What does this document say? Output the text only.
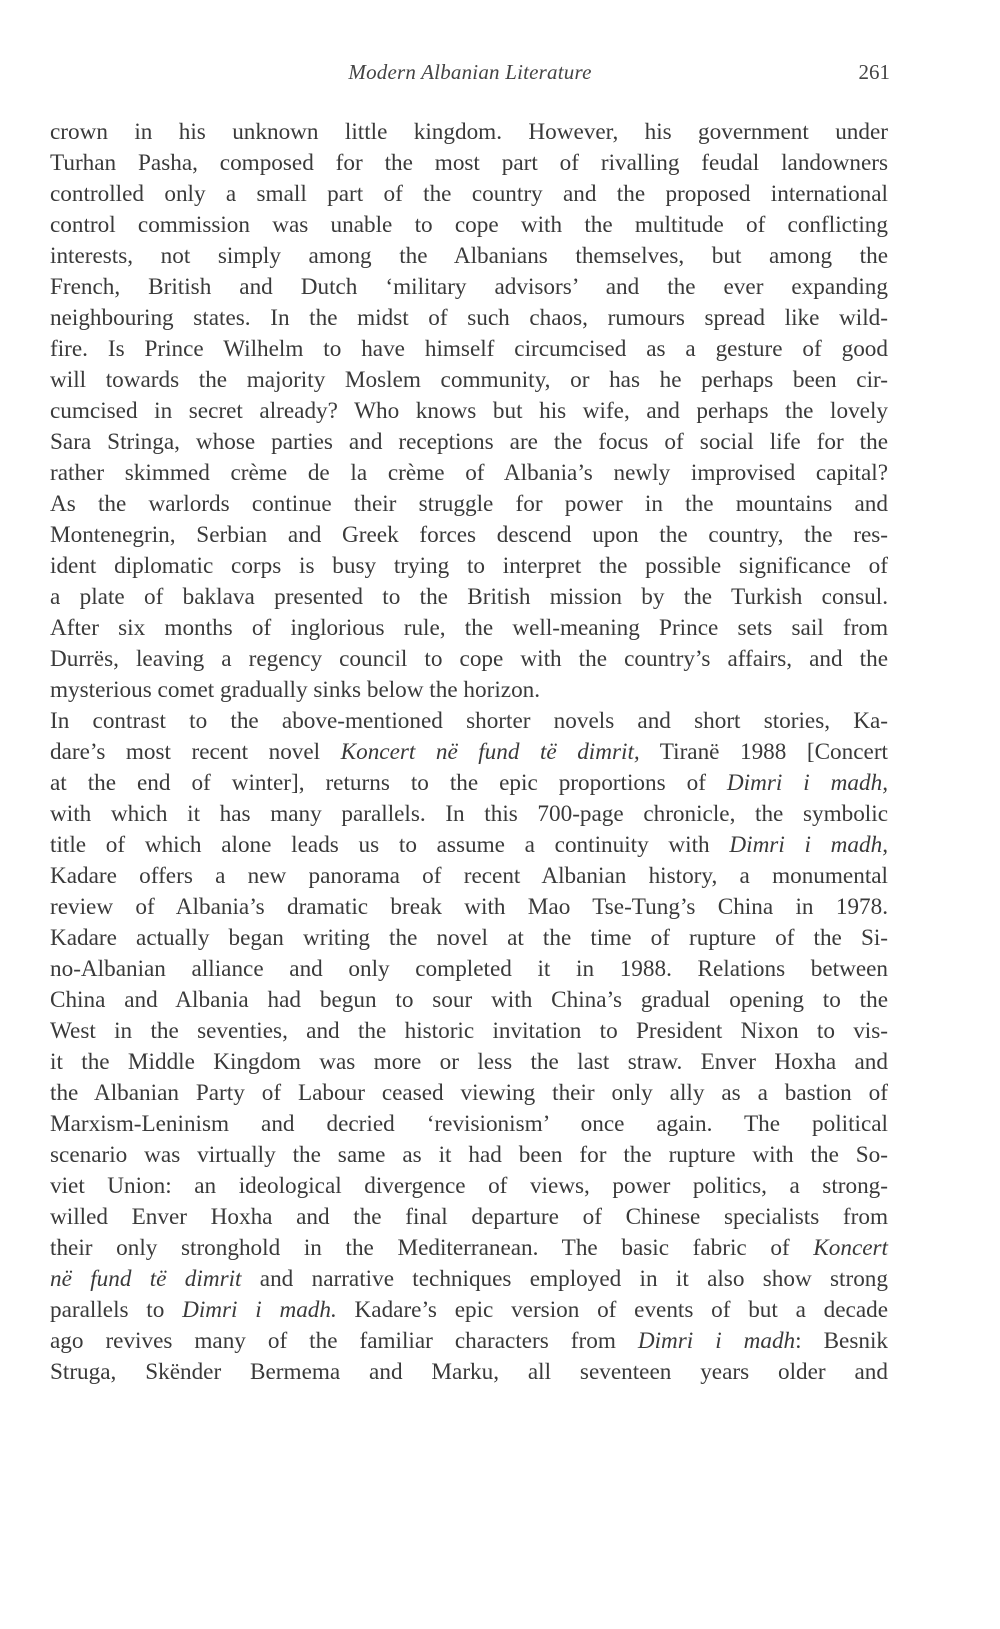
Modern Albanian Literature	261
crown in his unknown little kingdom. However, his government under
Turhan Pasha, composed for the most part of rivalling feudal landowners
controlled only a small part of the country and the proposed international
control commission was unable to cope with the multitude of conflicting
interests, not simply among the Albanians themselves, but among the
French, British and Dutch ‘military advisors’ and the ever expanding
neighbouring states. In the midst of such chaos, rumours spread like wild-
fire. Is Prince Wilhelm to have himself circumcised as a gesture of good
will towards the majority Moslem community, or has he perhaps been cir-
cumcised in secret already? Who knows but his wife, and perhaps the lovely
Sara Stringa, whose parties and receptions are the focus of social life for the
rather skimmed crème de la crème of Albania’s newly improvised capital?
As the warlords continue their struggle for power in the mountains and
Montenegrin, Serbian and Greek forces descend upon the country, the res-
ident diplomatic corps is busy trying to interpret the possible significance of
a plate of baklava presented to the British mission by the Turkish consul.
After six months of inglorious rule, the well-meaning Prince sets sail from
Durrës, leaving a regency council to cope with the country’s affairs, and the
mysterious comet gradually sinks below the horizon.
In contrast to the above-mentioned shorter novels and short stories, Ka-
dare’s most recent novel Koncert në fund të dimrit, Tiranë 1988 [Concert
at the end of winter], returns to the epic proportions of Dimri i madh,
with which it has many parallels. In this 700-page chronicle, the symbolic
title of which alone leads us to assume a continuity with Dimri i madh,
Kadare offers a new panorama of recent Albanian history, a monumental
review of Albania’s dramatic break with Mao Tse-Tung’s China in 1978.
Kadare actually began writing the novel at the time of rupture of the Si-
no-Albanian alliance and only completed it in 1988. Relations between
China and Albania had begun to sour with China’s gradual opening to the
West in the seventies, and the historic invitation to President Nixon to vis-
it the Middle Kingdom was more or less the last straw. Enver Hoxha and
the Albanian Party of Labour ceased viewing their only ally as a bastion of
Marxism-Leninism and decried ‘revisionism’ once again. The political
scenario was virtually the same as it had been for the rupture with the So-
viet Union: an ideological divergence of views, power politics, a strong-
willed Enver Hoxha and the final departure of Chinese specialists from
their only stronghold in the Mediterranean. The basic fabric of Koncert
në fund të dimrit and narrative techniques employed in it also show strong
parallels to Dimri i madh. Kadare’s epic version of events of but a decade
ago revives many of the familiar characters from Dimri i madh: Besnik
Struga, Skënder Bermema and Marku, all seventeen years older and
